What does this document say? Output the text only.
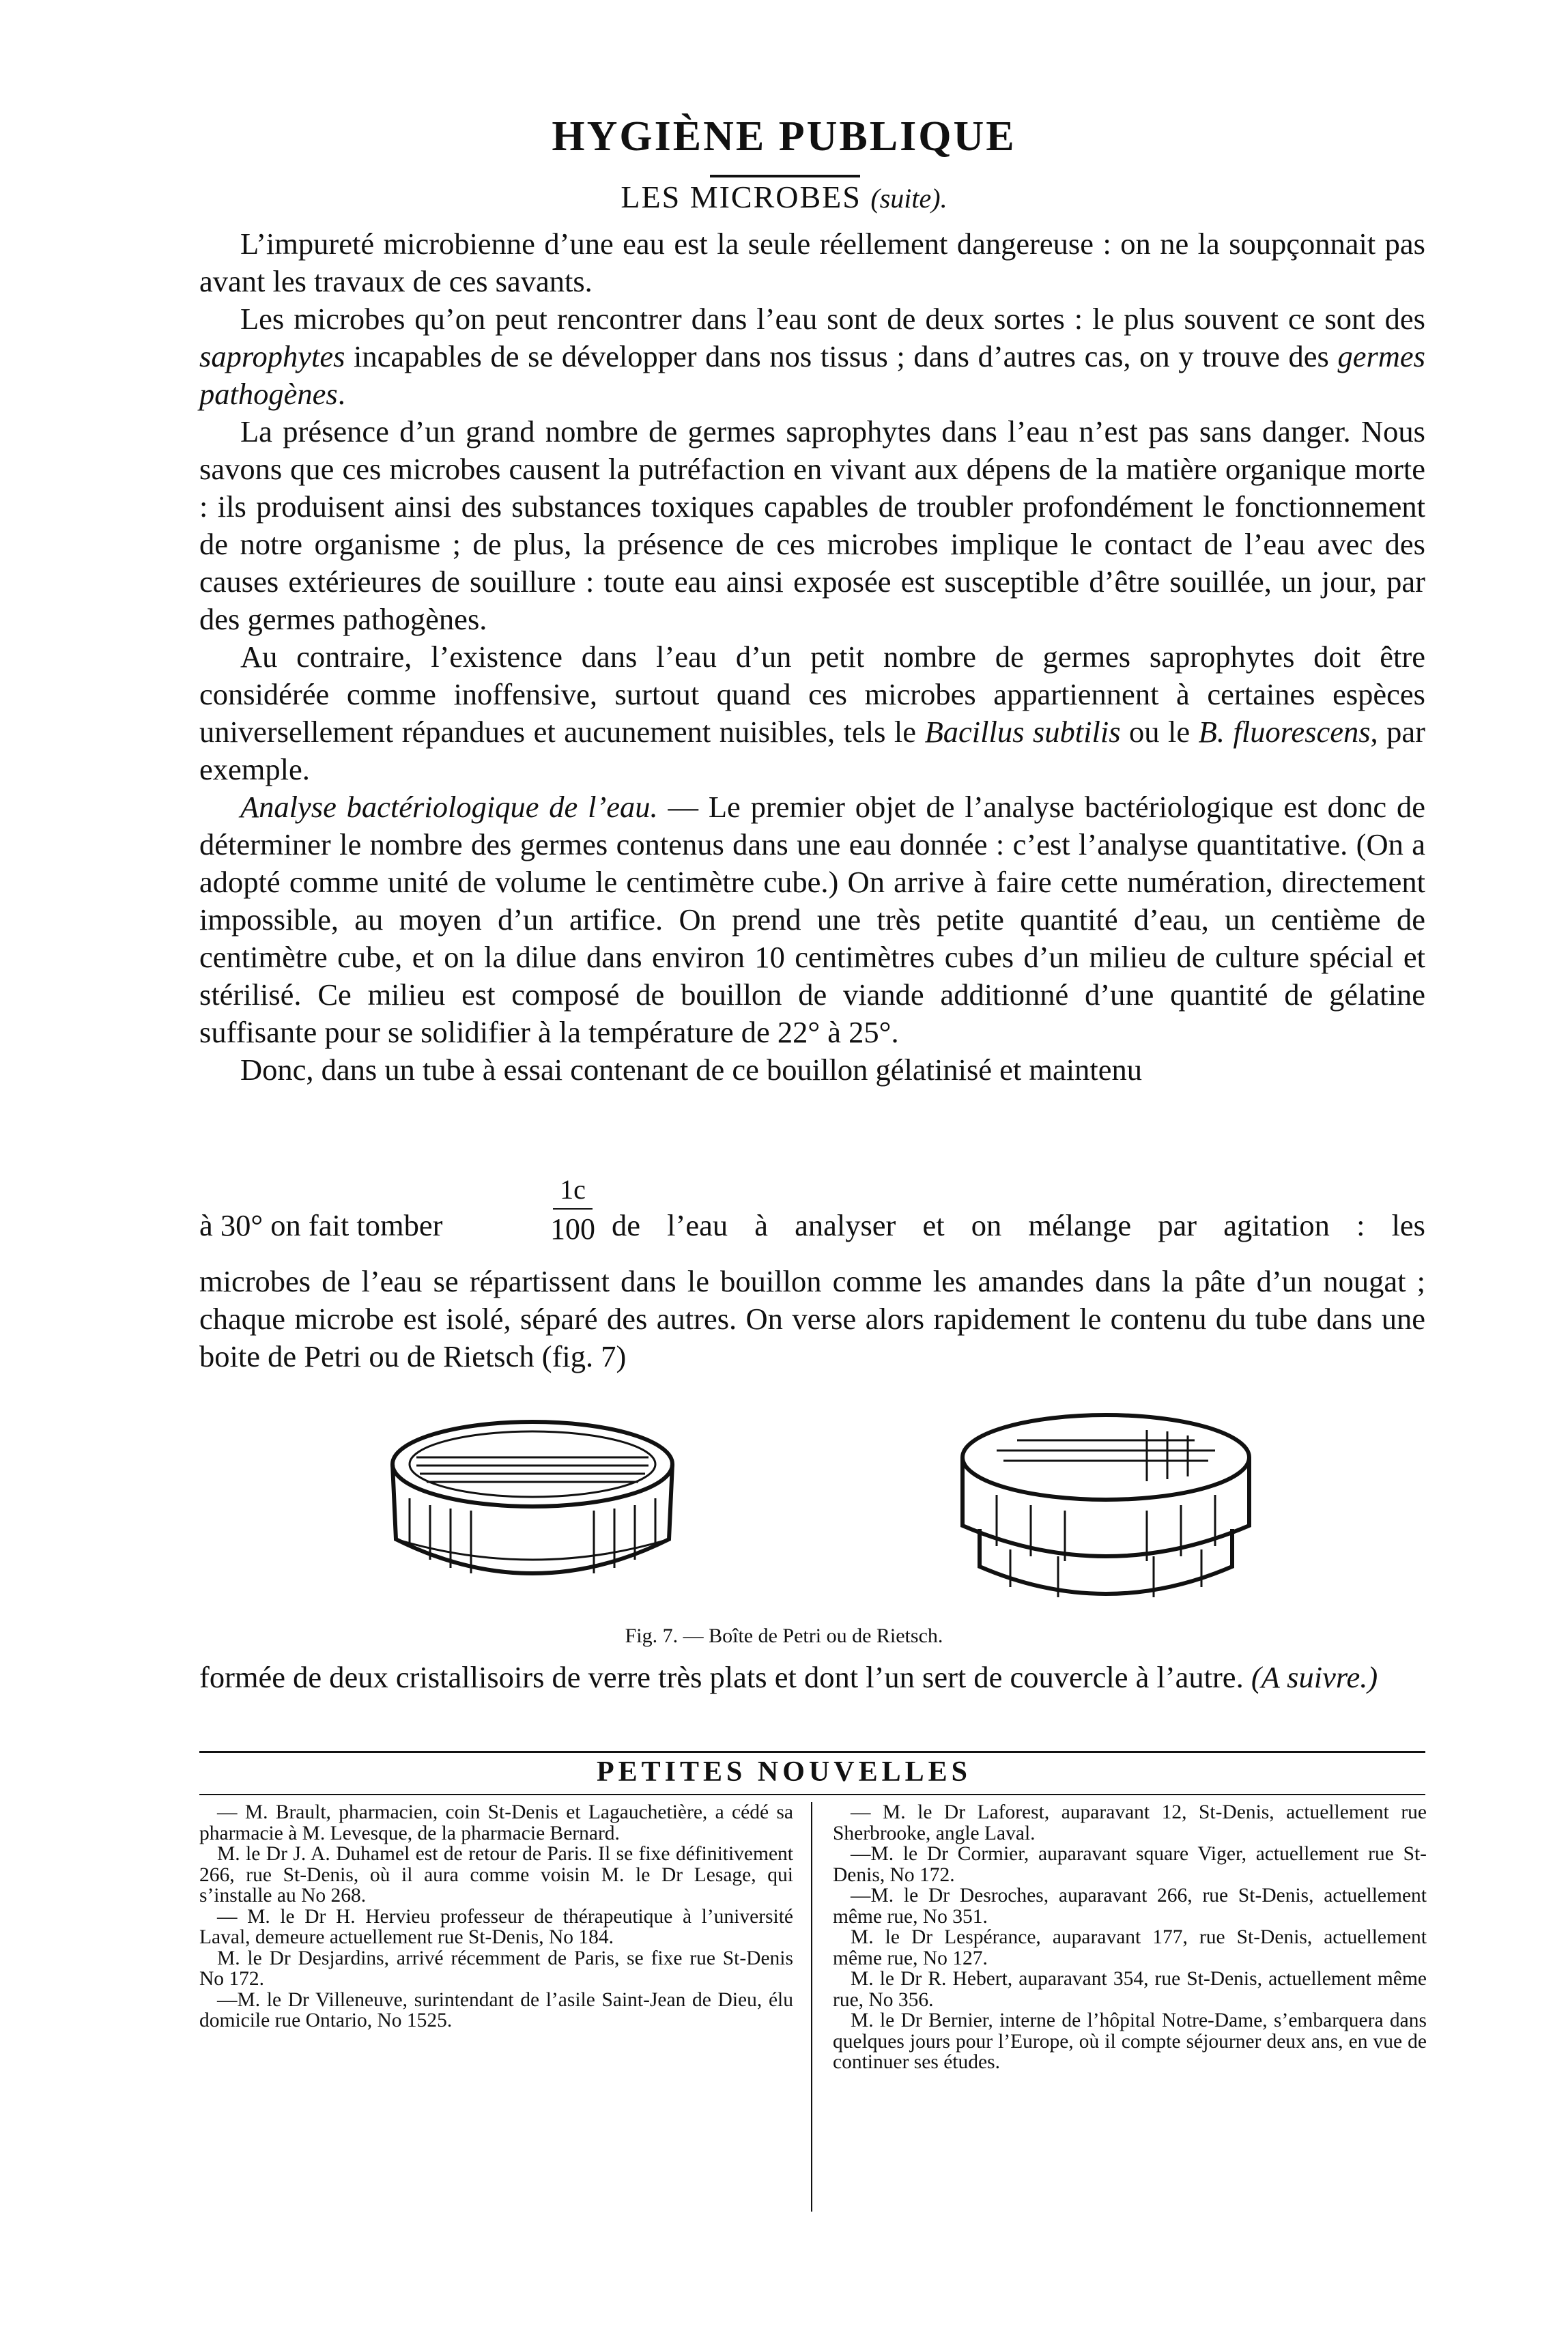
HYGIÈNE PUBLIQUE
LES MICROBES (suite).

L’impureté microbienne d’une eau est la seule réellement dangereuse : on ne la soupçonnait pas avant les travaux de ces savants.

Les microbes qu’on peut rencontrer dans l’eau sont de deux sortes : le plus souvent ce sont des saprophytes incapables de se développer dans nos tissus ; dans d’autres cas, on y trouve des germes pathogènes.

La présence d’un grand nombre de germes saprophytes dans l’eau n’est pas sans danger. Nous savons que ces microbes causent la putréfaction en vivant aux dépens de la matière organique morte : ils produisent ainsi des substances toxiques capables de troubler profondément le fonctionnement de notre organisme ; de plus, la présence de ces microbes implique le contact de l’eau avec des causes extérieures de souillure : toute eau ainsi exposée est susceptible d’être souillée, un jour, par des germes pathogènes.

Au contraire, l’existence dans l’eau d’un petit nombre de germes saprophytes doit être considérée comme inoffensive, surtout quand ces microbes appartiennent à certaines espèces universellement répandues et aucunement nuisibles, tels le Bacillus subtilis ou le B. fluorescens, par exemple.

Analyse bactériologique de l’eau. — Le premier objet de l’analyse bactériologique est donc de déterminer le nombre des germes contenus dans une eau donnée : c’est l’analyse quantitative. (On a adopté comme unité de volume le centimètre cube.) On arrive à faire cette numération, directement impossible, au moyen d’un artifice. On prend une très petite quantité d’eau, un centième de centimètre cube, et on la dilue dans environ 10 centimètres cubes d’un milieu de culture spécial et stérilisé. Ce milieu est composé de bouillon de viande additionné d’une quantité de gélatine suffisante pour se solidifier à la température de 22° à 25°.

Donc, dans un tube à essai contenant de ce bouillon gélatinisé et maintenu

à 30° on fait tomber
1c
100 de l’eau à analyser et on mélange par agitation : les

microbes de l’eau se répartissent dans le bouillon comme les amandes dans la pâte d’un nougat ; chaque microbe est isolé, séparé des autres. On verse alors rapidement le contenu du tube dans une boite de Petri ou de Rietsch (fig. 7)

Fig. 7. — Boîte de Petri ou de Rietsch.

formée de deux cristallisoirs de verre très plats et dont l’un sert de couvercle à l’autre. (A suivre.)

PETITES NOUVELLES

— M. Brault, pharmacien, coin St-Denis et Lagauchetière, a cédé sa pharmacie à M. Levesque, de la pharmacie Bernard.

M. le Dr J. A. Duhamel est de retour de Paris. Il se fixe définitivement 266, rue St-Denis, où il aura comme voisin M. le Dr Lesage, qui s’installe au No 268.

— M. le Dr H. Hervieu professeur de thérapeutique à l’université Laval, demeure actuellement rue St-Denis, No 184.

M. le Dr Desjardins, arrivé récemment de Paris, se fixe rue St-Denis No 172.

—M. le Dr Villeneuve, surintendant de l’asile Saint-Jean de Dieu, élu domicile rue Ontario, No 1525.

— M. le Dr Laforest, auparavant 12, St-Denis, actuellement rue Sherbrooke, angle Laval.

—M. le Dr Cormier, auparavant square Viger, actuellement rue St-Denis, No 172.

—M. le Dr Desroches, auparavant 266, rue St-Denis, actuellement même rue, No 351.

M. le Dr Lespérance, auparavant 177, rue St-Denis, actuellement même rue, No 127.

M. le Dr R. Hebert, auparavant 354, rue St-Denis, actuellement même rue, No 356.

M. le Dr Bernier, interne de l’hôpital Notre-Dame, s’embarquera dans quelques jours pour l’Europe, où il compte séjourner deux ans, en vue de continuer ses études.
